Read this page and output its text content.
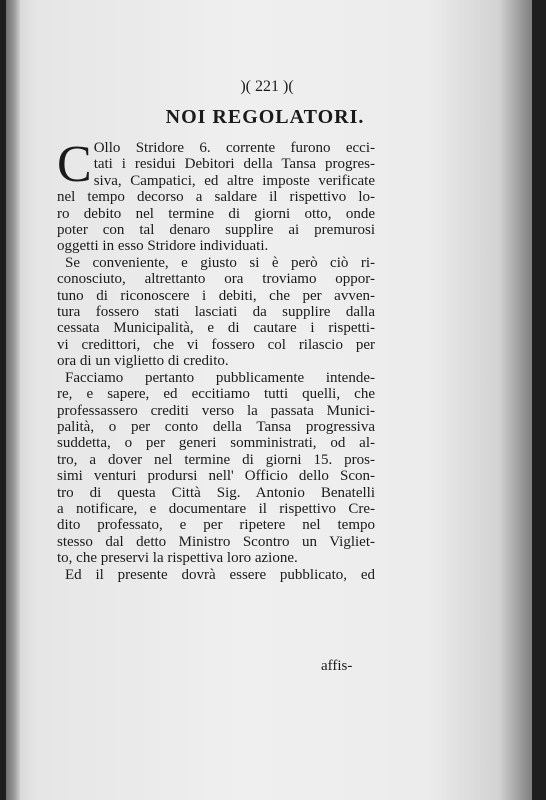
)( 221 )(
NOI REGOLATORI.
C Ollo Stridore 6. corrente furono ecci-
tati i residui Debitori della Tansa progres-
siva, Campatici, ed altre imposte verificate
nel tempo decorso a saldare il rispettivo lo-
ro debito nel termine di giorni otto, onde
poter con tal denaro supplire ai premurosi
oggetti in esso Stridore individuati.
Se conveniente, e giusto si è però ciò ri-
conosciuto, altrettanto ora troviamo oppor-
tuno di riconoscere i debiti, che per avven-
tura fossero stati lasciati da supplire dalla
cessata Municipalità, e di cautare i rispetti-
vi credittori, che vi fossero col rilascio per
ora di un viglietto di credito.
Facciamo pertanto pubblicamente intende-
re, e sapere, ed eccitiamo tutti quelli, che
professassero crediti verso la passata Munici-
palità, o per conto della Tansa progressiva
suddetta, o per generi somministrati, od al-
tro, a dover nel termine di giorni 15. pros-
simi venturi prodursi nell' Officio dello Scon-
tro di questa Città Sig. Antonio Benatelli
a notificare, e documentare il rispettivo Cre-
dito professato, e per ripetere nel tempo
stesso dal detto Ministro Scontro un Vigliet-
to, che preservi la rispettiva loro azione.
Ed il presente dovrà essere pubblicato, ed
affis-
